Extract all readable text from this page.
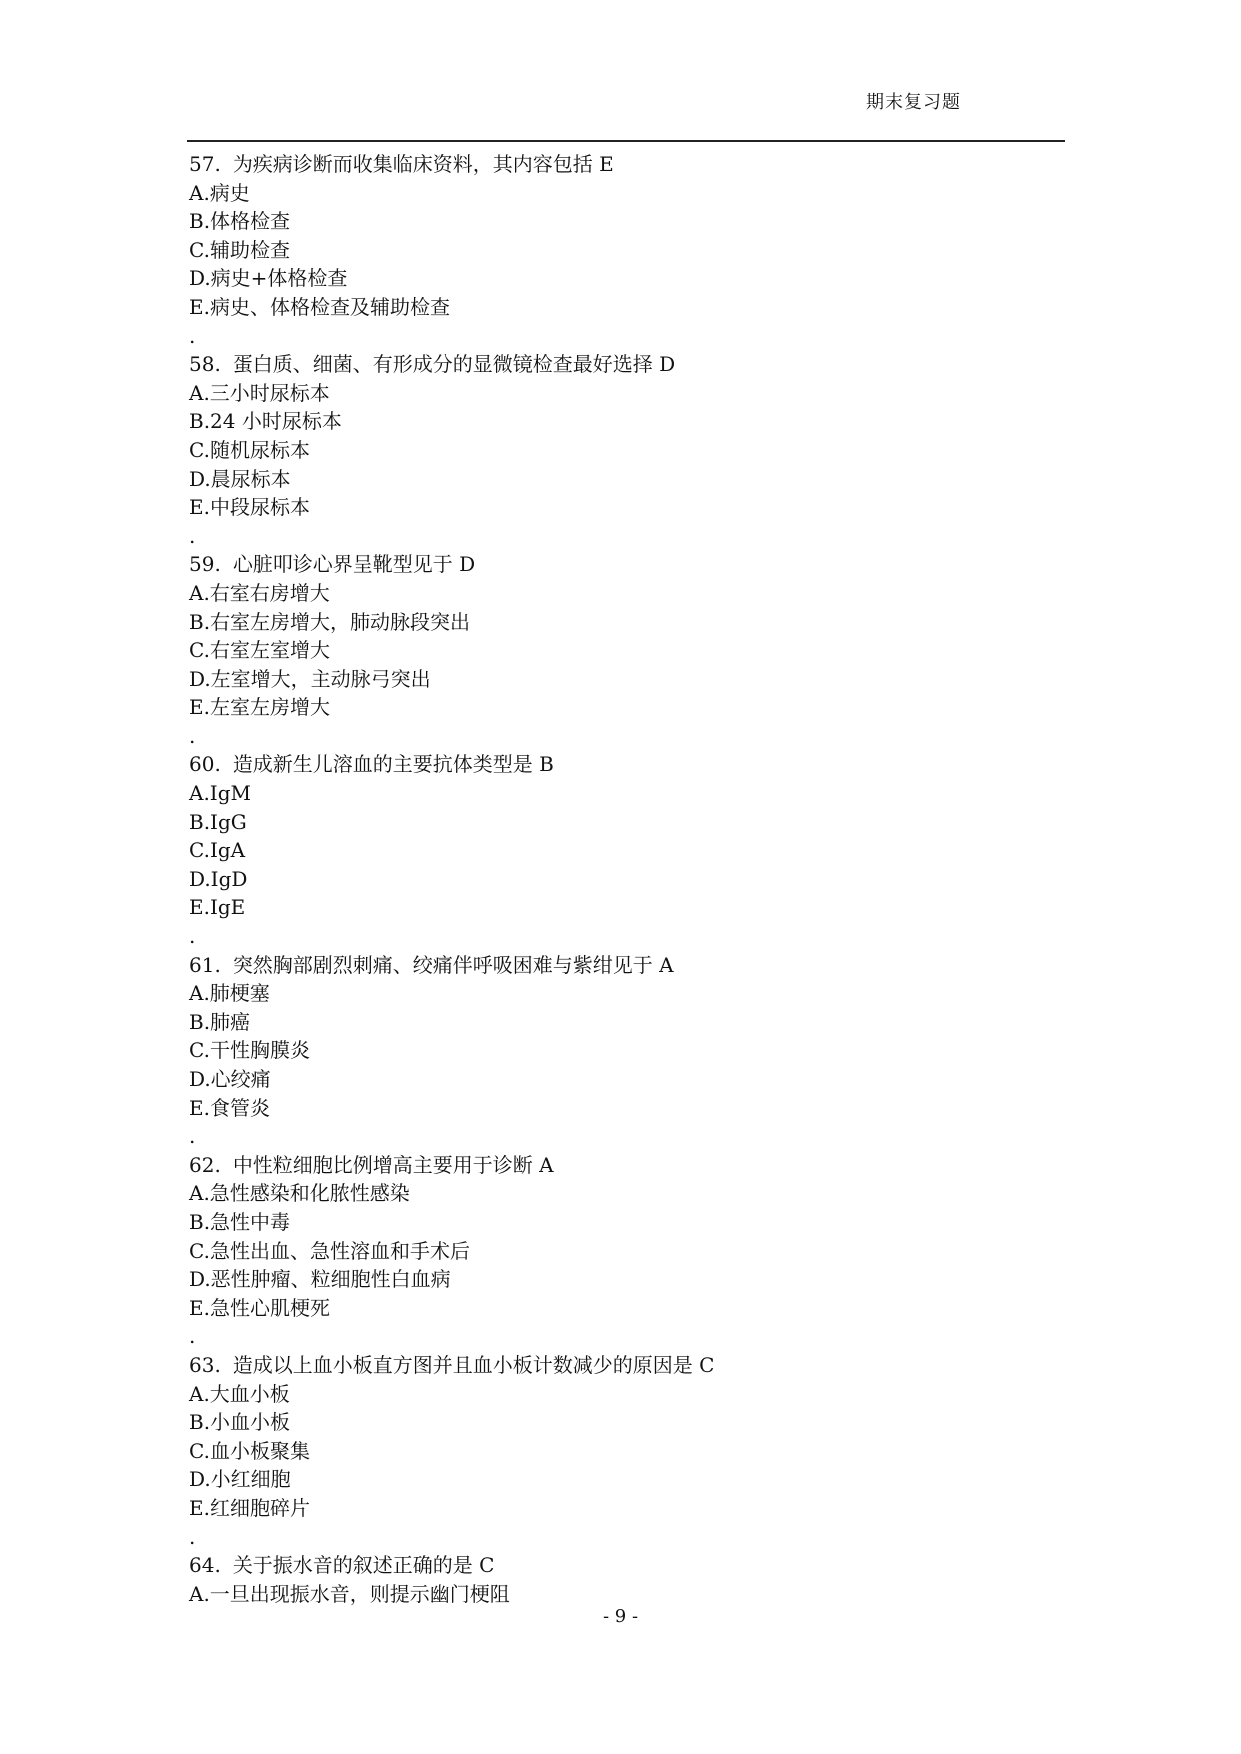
期末复习题
57. 为疾病诊断而收集临床资料，其内容包括 E
A.病史
B.体格检查
C.辅助检查
D.病史+体格检查
E.病史、体格检查及辅助检查
.
58. 蛋白质、细菌、有形成分的显微镜检查最好选择 D
A.三小时尿标本
B.24 小时尿标本
C.随机尿标本
D.晨尿标本
E.中段尿标本
.
59. 心脏叩诊心界呈靴型见于 D
A.右室右房增大
B.右室左房增大，肺动脉段突出
C.右室左室增大
D.左室增大，主动脉弓突出
E.左室左房增大
.
60. 造成新生儿溶血的主要抗体类型是 B
A.IgM
B.IgG
C.IgA
D.IgD
E.IgE
.
61. 突然胸部剧烈刺痛、绞痛伴呼吸困难与紫绀见于 A
A.肺梗塞
B.肺癌
C.干性胸膜炎
D.心绞痛
E.食管炎
.
62. 中性粒细胞比例增高主要用于诊断 A
A.急性感染和化脓性感染
B.急性中毒
C.急性出血、急性溶血和手术后
D.恶性肿瘤、粒细胞性白血病
E.急性心肌梗死
.
63. 造成以上血小板直方图并且血小板计数减少的原因是 C
A.大血小板
B.小血小板
C.血小板聚集
D.小红细胞
E.红细胞碎片
.
64. 关于振水音的叙述正确的是 C
A.一旦出现振水音，则提示幽门梗阻
- 9 -
